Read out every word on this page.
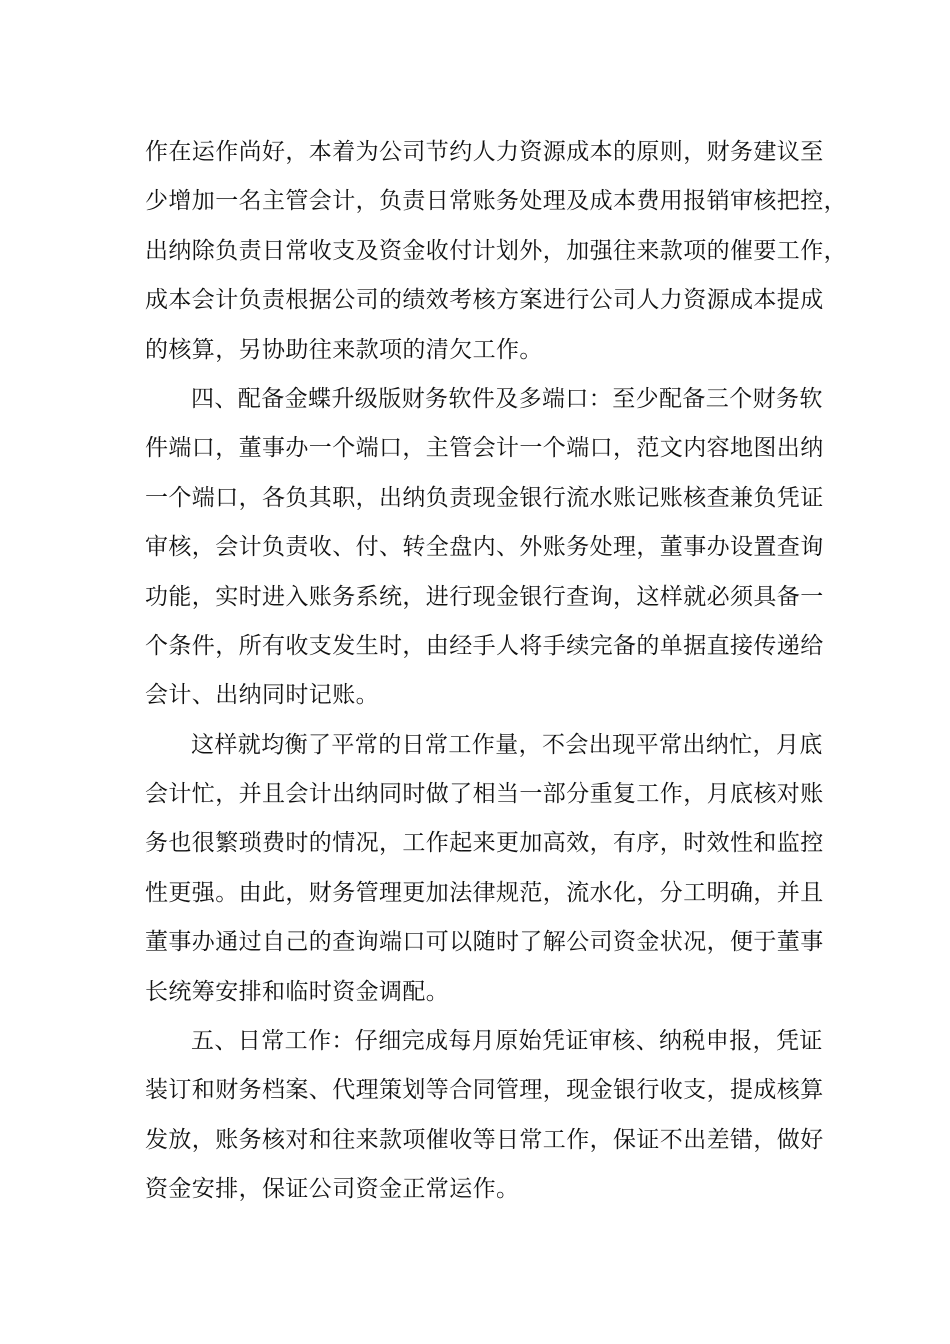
作在运作尚好，本着为公司节约人力资源成本的原则，财务建议至
少增加一名主管会计，负责日常账务处理及成本费用报销审核把控，
出纳除负责日常收支及资金收付计划外，加强往来款项的催要工作，
成本会计负责根据公司的绩效考核方案进行公司人力资源成本提成
的核算，另协助往来款项的清欠工作。
四、配备金蝶升级版财务软件及多端口：至少配备三个财务软
件端口，董事办一个端口，主管会计一个端口，范文内容地图出纳
一个端口，各负其职，出纳负责现金银行流水账记账核查兼负凭证
审核，会计负责收、付、转全盘内、外账务处理，董事办设置查询
功能，实时进入账务系统，进行现金银行查询，这样就必须具备一
个条件，所有收支发生时，由经手人将手续完备的单据直接传递给
会计、出纳同时记账。
这样就均衡了平常的日常工作量，不会出现平常出纳忙，月底
会计忙，并且会计出纳同时做了相当一部分重复工作，月底核对账
务也很繁琐费时的情况，工作起来更加高效，有序，时效性和监控
性更强。由此，财务管理更加法律规范，流水化，分工明确，并且
董事办通过自己的查询端口可以随时了解公司资金状况，便于董事
长统筹安排和临时资金调配。
五、日常工作：仔细完成每月原始凭证审核、纳税申报，凭证
装订和财务档案、代理策划等合同管理，现金银行收支，提成核算
发放，账务核对和往来款项催收等日常工作，保证不出差错，做好
资金安排，保证公司资金正常运作。
